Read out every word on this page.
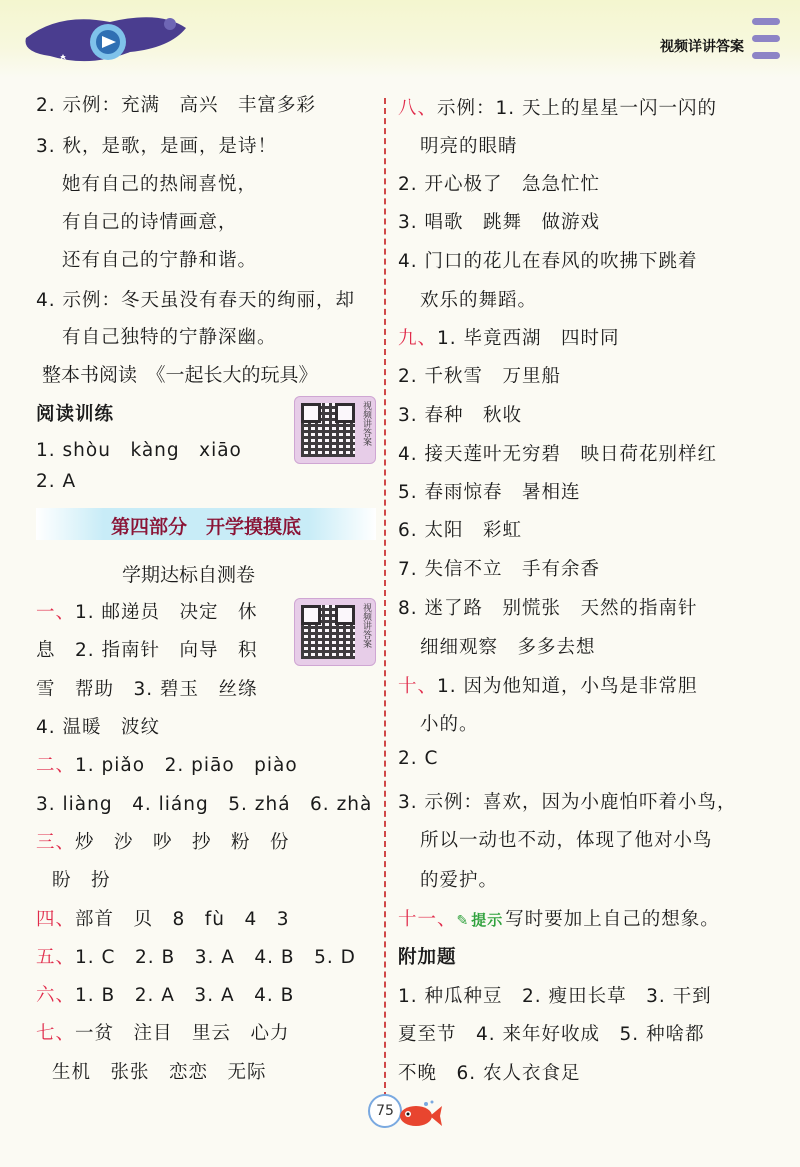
视频详讲答案
2. 示例：充满　高兴　丰富多彩
3. 秋，是歌，是画，是诗！
她有自己的热闹喜悦，
有自己的诗情画意，
还有自己的宁静和谐。
4. 示例：冬天虽没有春天的绚丽，却
有自己独特的宁静深幽。
整本书阅读　《一起长大的玩具》
阅读训练
1. shòu　kàng　xiāo
2. A
视频讲答案
第四部分　开学摸摸底
学期达标自测卷
视频讲答案
一、1. 邮递员　决定　休
息　2. 指南针　向导　积
雪　帮助　3. 碧玉　丝绦
4. 温暖　波纹
二、1. piǎo　2. piāo　piào
3. liàng　4. liáng　5. zhá　6. zhà
三、炒　沙　吵　抄　粉　份
盼　扮
四、部首　贝　8　fù　4　3
五、1. C　2. B　3. A　4. B　5. D
六、1. B　2. A　3. A　4. B
七、一贫　注目　里云　心力
生机　张张　恋恋　无际
八、示例：1. 天上的星星一闪一闪的
明亮的眼睛
2. 开心极了　急急忙忙
3. 唱歌　跳舞　做游戏
4. 门口的花儿在春风的吹拂下跳着
欢乐的舞蹈。
九、1. 毕竟西湖　四时同
2. 千秋雪　万里船
3. 春种　秋收
4. 接天莲叶无穷碧　映日荷花别样红
5. 春雨惊春　暑相连
6. 太阳　彩虹
7. 失信不立　手有余香
8. 迷了路　别慌张　天然的指南针
细细观察　多多去想
十、1. 因为他知道，小鸟是非常胆
小的。
2. C
3. 示例：喜欢，因为小鹿怕吓着小鸟，
所以一动也不动，体现了他对小鸟
的爱护。
十一、✎ 提示 写时要加上自己的想象。
附加题
1. 种瓜种豆　2. 瘦田长草　3. 干到
夏至节　4. 来年好收成　5. 种啥都
不晚　6. 农人衣食足
75
